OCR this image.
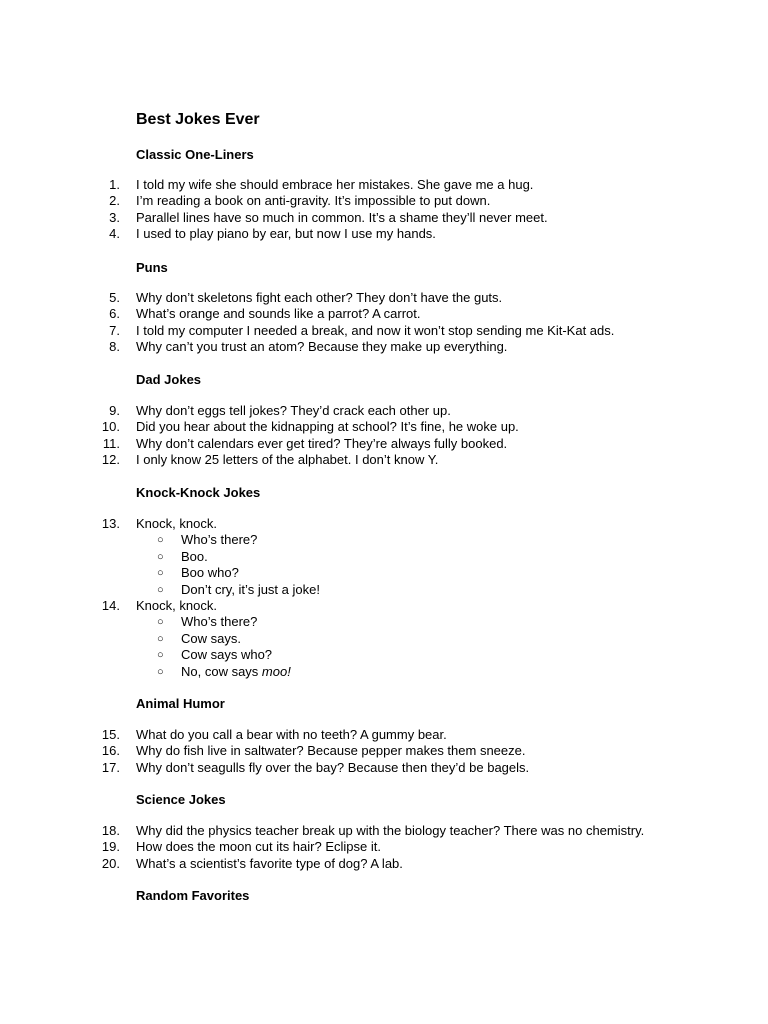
Best Jokes Ever
Classic One-Liners
1. I told my wife she should embrace her mistakes. She gave me a hug.
2. I’m reading a book on anti-gravity. It’s impossible to put down.
3. Parallel lines have so much in common. It’s a shame they’ll never meet.
4. I used to play piano by ear, but now I use my hands.
Puns
5. Why don’t skeletons fight each other? They don’t have the guts.
6. What’s orange and sounds like a parrot? A carrot.
7. I told my computer I needed a break, and now it won’t stop sending me Kit-Kat ads.
8. Why can’t you trust an atom? Because they make up everything.
Dad Jokes
9. Why don’t eggs tell jokes? They’d crack each other up.
10. Did you hear about the kidnapping at school? It’s fine, he woke up.
11. Why don’t calendars ever get tired? They’re always fully booked.
12. I only know 25 letters of the alphabet. I don’t know Y.
Knock-Knock Jokes
13. Knock, knock.
○ Who’s there?
○ Boo.
○ Boo who?
○ Don’t cry, it’s just a joke!
14. Knock, knock.
○ Who’s there?
○ Cow says.
○ Cow says who?
○ No, cow says moo!
Animal Humor
15. What do you call a bear with no teeth? A gummy bear.
16. Why do fish live in saltwater? Because pepper makes them sneeze.
17. Why don’t seagulls fly over the bay? Because then they’d be bagels.
Science Jokes
18. Why did the physics teacher break up with the biology teacher? There was no chemistry.
19. How does the moon cut its hair? Eclipse it.
20. What’s a scientist’s favorite type of dog? A lab.
Random Favorites
